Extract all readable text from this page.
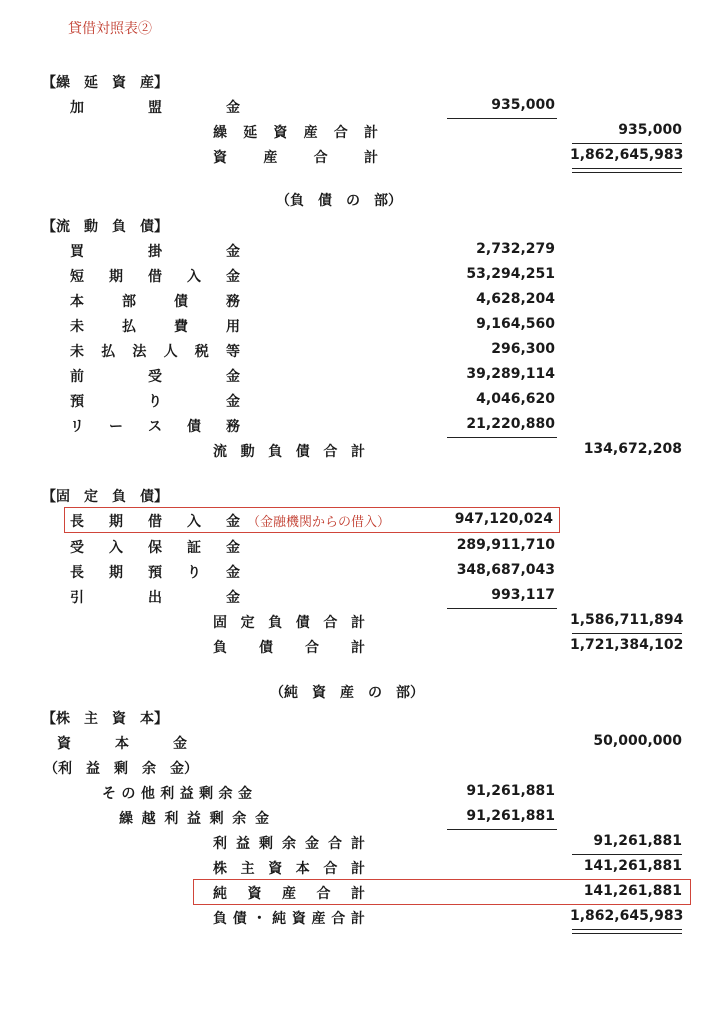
貸借対照表②
【繰　延　資　産】
加	盟	金	935,000
繰 延 資 産 合 計	935,000
資	産	合	計	1,862,645,983
（負　債　の　部）
【流　動　負　債】
買	掛	金	2,732,279
短 期 借 入 金	53,294,251
本	部	債	務	4,628,204
未	払	費	用	9,164,560
未 払 法 人 税 等	296,300
前	受	金	39,289,114
預	り	金	4,046,620
リ ー ス 債 務	21,220,880
流 動 負 債 合 計	134,672,208
【固　定　負　債】
長 期 借 入 金 （金融機関からの借入）	947,120,024
受 入 保 証 金	289,911,710
長 期 預 り 金	348,687,043
引	出	金	993,117
固 定 負 債 合 計	1,586,711,894
負 債 合 計	1,721,384,102
（純　資　産　の　部）
【株　主　資　本】
資	本	金	50,000,000
（利　益　剰　余　金）
そ の 他 利 益 剰 余 金	91,261,881
繰 越 利 益 剰 余 金	91,261,881
利 益 剰 余 金 合 計	91,261,881
株 主 資 本 合 計	141,261,881
純 資 産 合 計	141,261,881
負 債 ・ 純 資 産 合 計	1,862,645,983
